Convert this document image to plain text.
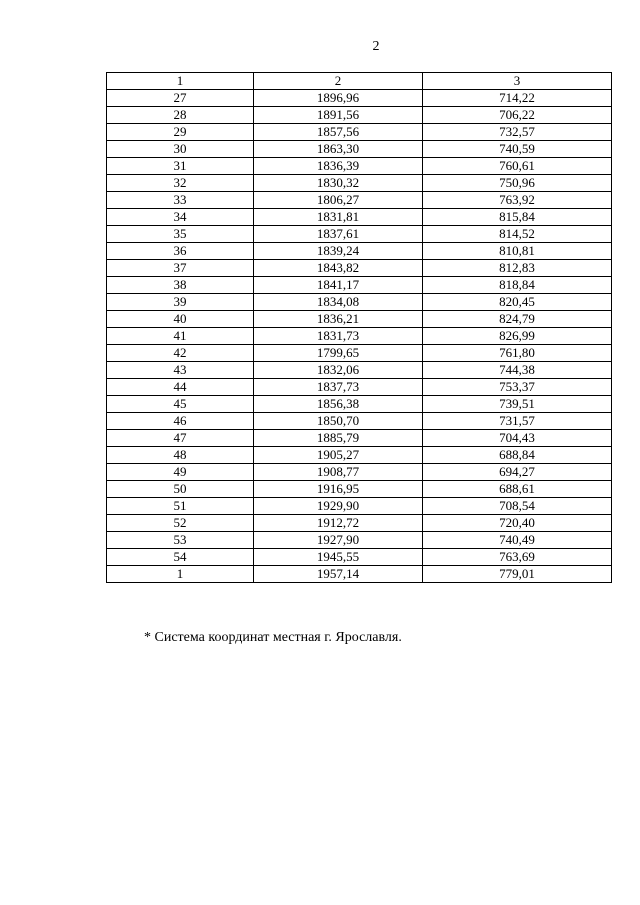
2
1	2	3
27	1896,96	714,22
28	1891,56	706,22
29	1857,56	732,57
30	1863,30	740,59
31	1836,39	760,61
32	1830,32	750,96
33	1806,27	763,92
34	1831,81	815,84
35	1837,61	814,52
36	1839,24	810,81
37	1843,82	812,83
38	1841,17	818,84
39	1834,08	820,45
40	1836,21	824,79
41	1831,73	826,99
42	1799,65	761,80
43	1832,06	744,38
44	1837,73	753,37
45	1856,38	739,51
46	1850,70	731,57
47	1885,79	704,43
48	1905,27	688,84
49	1908,77	694,27
50	1916,95	688,61
51	1929,90	708,54
52	1912,72	720,40
53	1927,90	740,49
54	1945,55	763,69
1	1957,14	779,01
* Система координат местная г. Ярославля.
